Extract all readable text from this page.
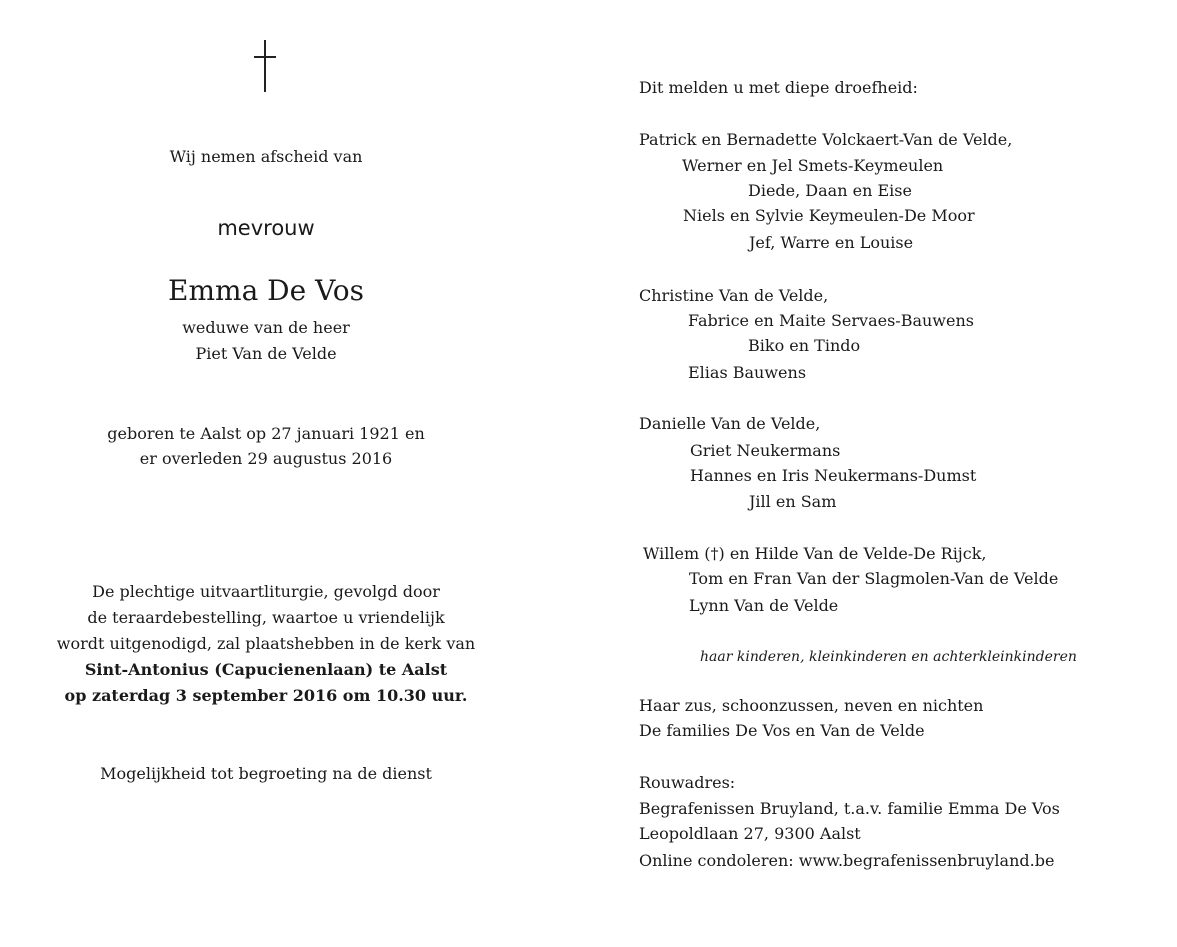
Wij nemen afscheid van
mevrouw
Emma De Vos
weduwe van de heer
Piet Van de Velde
geboren te Aalst op 27 januari 1921 en
er overleden 29 augustus 2016
De plechtige uitvaartliturgie, gevolgd door
de teraardebestelling, waartoe u vriendelijk
wordt uitgenodigd, zal plaatshebben in de kerk van
Sint-Antonius (Capucienenlaan) te Aalst
op zaterdag 3 september 2016 om 10.30 uur.
Mogelijkheid tot begroeting na de dienst
Dit melden u met diepe droefheid:
Patrick en Bernadette Volckaert-Van de Velde,
Werner en Jel Smets-Keymeulen
Diede, Daan en Eise
Niels en Sylvie Keymeulen-De Moor
Jef, Warre en Louise
Christine Van de Velde,
Fabrice en Maite Servaes-Bauwens
Biko en Tindo
Elias Bauwens
Danielle Van de Velde,
Griet Neukermans
Hannes en Iris Neukermans-Dumst
Jill en Sam
Willem (†) en Hilde Van de Velde-De Rijck,
Tom en Fran Van der Slagmolen-Van de Velde
Lynn Van de Velde
haar kinderen, kleinkinderen en achterkleinkinderen
Haar zus, schoonzussen, neven en nichten
De families De Vos en Van de Velde
Rouwadres:
Begrafenissen Bruyland, t.a.v. familie Emma De Vos
Leopoldlaan 27, 9300 Aalst
Online condoleren: www.begrafenissenbruyland.be
